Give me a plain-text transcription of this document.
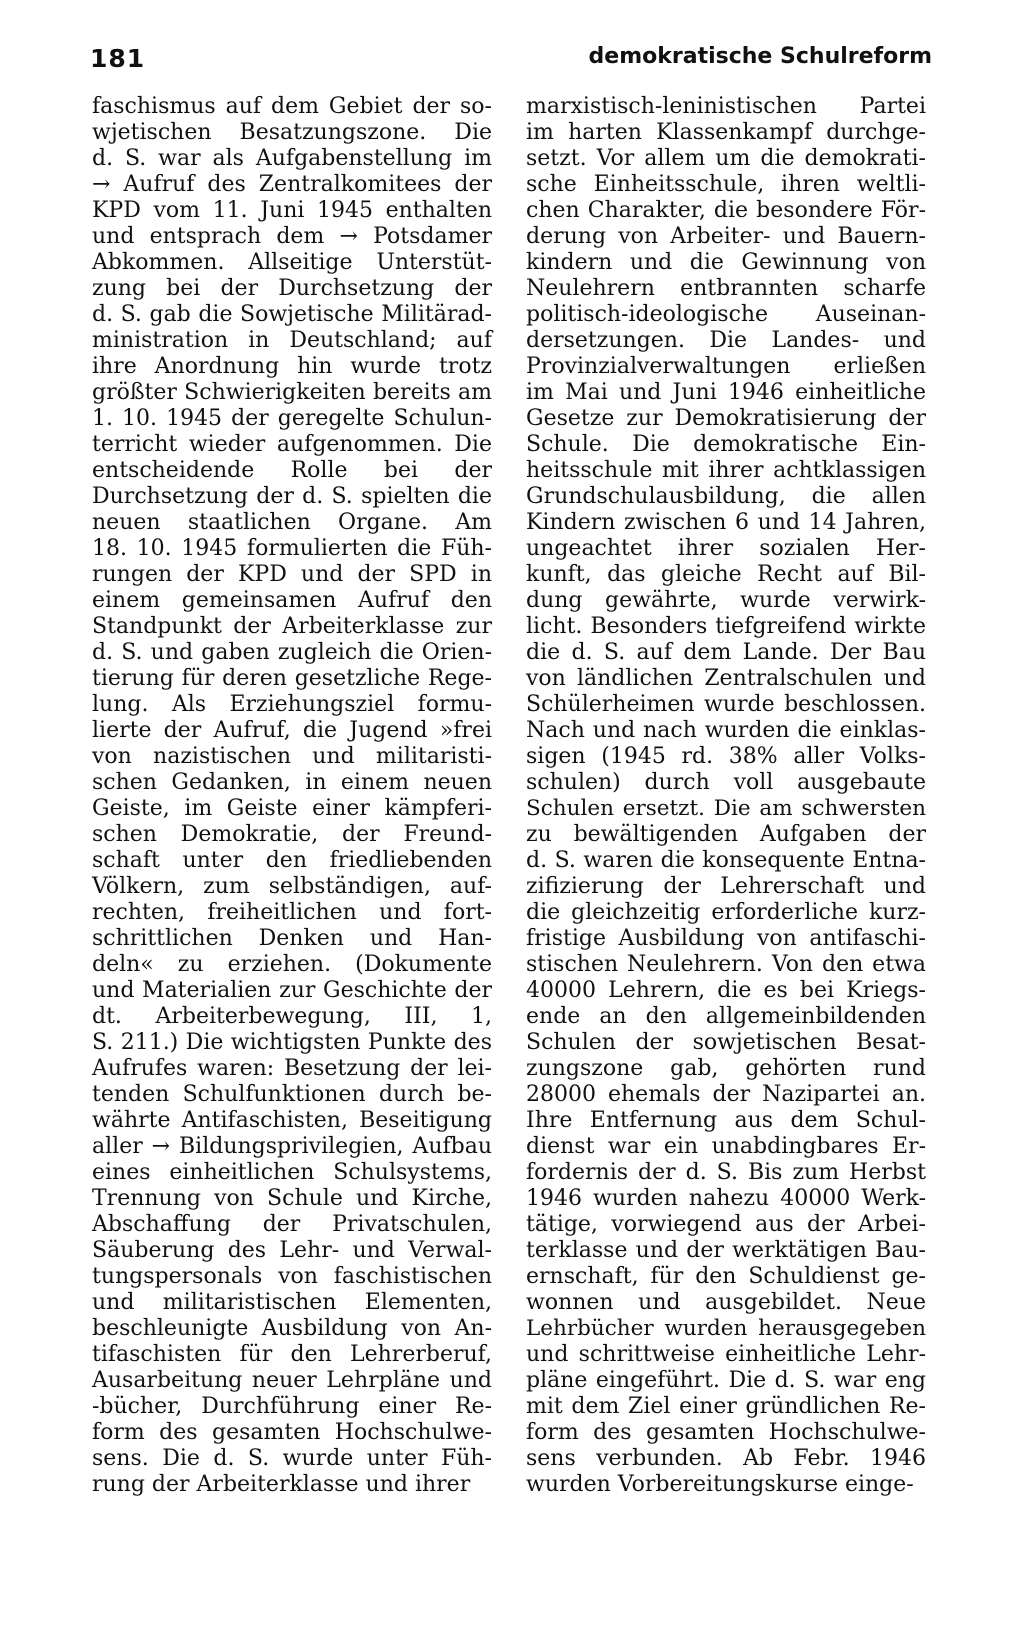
181	demokratische Schulreform
faschismus auf dem Gebiet der so-
wjetischen Besatzungszone. Die
d. S. war als Aufgabenstellung im
→ Aufruf des Zentralkomitees der
KPD vom 11. Juni 1945 enthalten
und entsprach dem → Potsdamer
Abkommen. Allseitige Unterstüt-
zung bei der Durchsetzung der
d. S. gab die Sowjetische Militärad-
ministration in Deutschland; auf
ihre Anordnung hin wurde trotz
größter Schwierigkeiten bereits am
1. 10. 1945 der geregelte Schulun-
terricht wieder aufgenommen. Die
entscheidende Rolle bei der
Durchsetzung der d. S. spielten die
neuen staatlichen Organe. Am
18. 10. 1945 formulierten die Füh-
rungen der KPD und der SPD in
einem gemeinsamen Aufruf den
Standpunkt der Arbeiterklasse zur
d. S. und gaben zugleich die Orien-
tierung für deren gesetzliche Rege-
lung. Als Erziehungsziel formu-
lierte der Aufruf, die Jugend »frei
von nazistischen und militaristi-
schen Gedanken, in einem neuen
Geiste, im Geiste einer kämpferi-
schen Demokratie, der Freund-
schaft unter den friedliebenden
Völkern, zum selbständigen, auf-
rechten, freiheitlichen und fort-
schrittlichen Denken und Han-
deln« zu erziehen. (Dokumente
und Materialien zur Geschichte der
dt. Arbeiterbewegung, III, 1,
S. 211.) Die wichtigsten Punkte des
Aufrufes waren: Besetzung der lei-
tenden Schulfunktionen durch be-
währte Antifaschisten, Beseitigung
aller → Bildungsprivilegien, Aufbau
eines einheitlichen Schulsystems,
Trennung von Schule und Kirche,
Abschaffung der Privatschulen,
Säuberung des Lehr- und Verwal-
tungspersonals von faschistischen
und militaristischen Elementen,
beschleunigte Ausbildung von An-
tifaschisten für den Lehrerberuf,
Ausarbeitung neuer Lehrpläne und
-bücher, Durchführung einer Re-
form des gesamten Hochschulwe-
sens. Die d. S. wurde unter Füh-
rung der Arbeiterklasse und ihrer
marxistisch-leninistischen Partei
im harten Klassenkampf durchge-
setzt. Vor allem um die demokrati-
sche Einheitsschule, ihren weltli-
chen Charakter, die besondere För-
derung von Arbeiter- und Bauern-
kindern und die Gewinnung von
Neulehrern entbrannten scharfe
politisch-ideologische Auseinan-
dersetzungen. Die Landes- und
Provinzialverwaltungen erließen
im Mai und Juni 1946 einheitliche
Gesetze zur Demokratisierung der
Schule. Die demokratische Ein-
heitsschule mit ihrer achtklassigen
Grundschulausbildung, die allen
Kindern zwischen 6 und 14 Jahren,
ungeachtet ihrer sozialen Her-
kunft, das gleiche Recht auf Bil-
dung gewährte, wurde verwirk-
licht. Besonders tiefgreifend wirkte
die d. S. auf dem Lande. Der Bau
von ländlichen Zentralschulen und
Schülerheimen wurde beschlossen.
Nach und nach wurden die einklas-
sigen (1945 rd. 38% aller Volks-
schulen) durch voll ausgebaute
Schulen ersetzt. Die am schwersten
zu bewältigenden Aufgaben der
d. S. waren die konsequente Entna-
zifizierung der Lehrerschaft und
die gleichzeitig erforderliche kurz-
fristige Ausbildung von antifaschi-
stischen Neulehrern. Von den etwa
40000 Lehrern, die es bei Kriegs-
ende an den allgemeinbildenden
Schulen der sowjetischen Besat-
zungszone gab, gehörten rund
28000 ehemals der Nazipartei an.
Ihre Entfernung aus dem Schul-
dienst war ein unabdingbares Er-
fordernis der d. S. Bis zum Herbst
1946 wurden nahezu 40000 Werk-
tätige, vorwiegend aus der Arbei-
terklasse und der werktätigen Bau-
ernschaft, für den Schuldienst ge-
wonnen und ausgebildet. Neue
Lehrbücher wurden herausgegeben
und schrittweise einheitliche Lehr-
pläne eingeführt. Die d. S. war eng
mit dem Ziel einer gründlichen Re-
form des gesamten Hochschulwe-
sens verbunden. Ab Febr. 1946
wurden Vorbereitungskurse einge-
